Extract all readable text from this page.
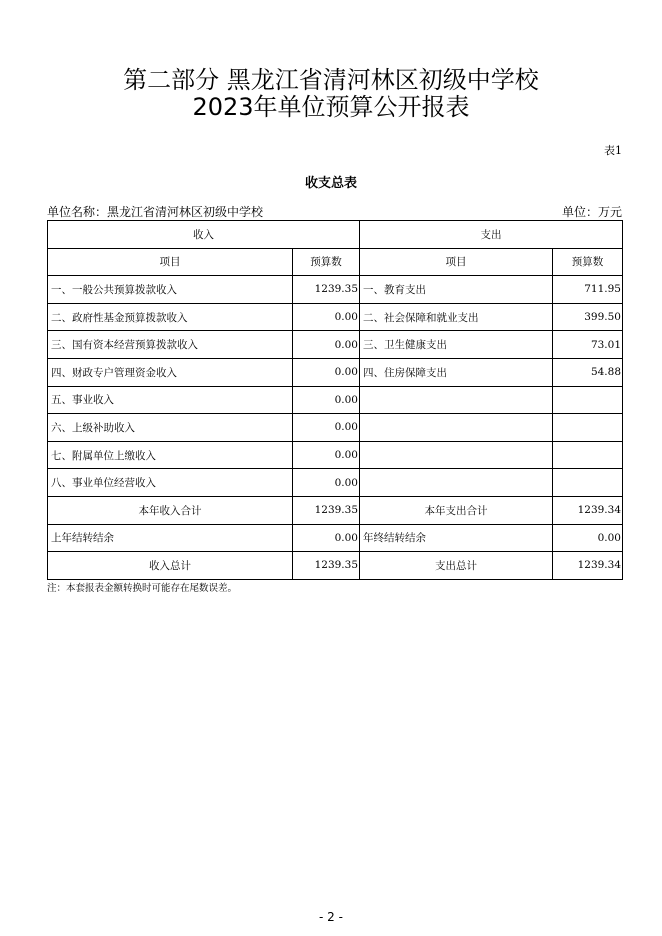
第二部分 黑龙江省清河林区初级中学校
2023年单位预算公开报表
表1
收支总表
单位名称：黑龙江省清河林区初级中学校	单位：万元
收入		支出	
项目	预算数	项目	预算数
一、一般公共预算拨款收入	1239.35	一、教育支出	711.95
二、政府性基金预算拨款收入	0.00	二、社会保障和就业支出	399.50
三、国有资本经营预算拨款收入	0.00	三、卫生健康支出	73.01
四、财政专户管理资金收入	0.00	四、住房保障支出	54.88
五、事业收入	0.00		
六、上级补助收入	0.00		
七、附属单位上缴收入	0.00		
八、事业单位经营收入	0.00		
本年收入合计	1239.35	本年支出合计	1239.34
上年结转结余	0.00	年终结转结余	0.00
收入总计	1239.35	支出总计	1239.34
注：本套报表金额转换时可能存在尾数误差。
- 2 -
